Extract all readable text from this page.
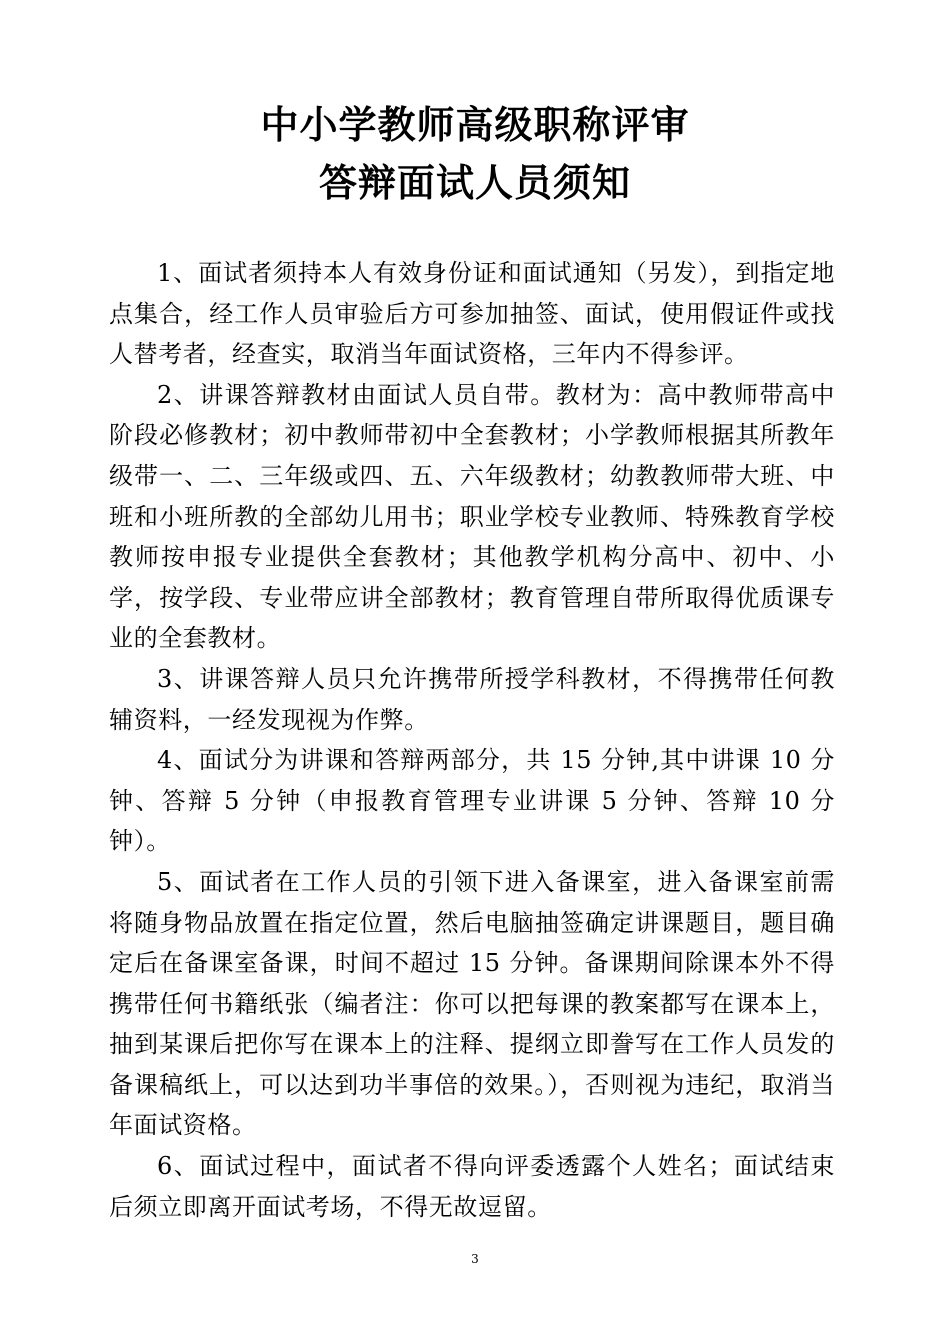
中小学教师高级职称评审
答辩面试人员须知

1、面试者须持本人有效身份证和面试通知（另发），到指定地点集合，经工作人员审验后方可参加抽签、面试，使用假证件或找人替考者，经查实，取消当年面试资格，三年内不得参评。

2、讲课答辩教材由面试人员自带。教材为：高中教师带高中阶段必修教材；初中教师带初中全套教材；小学教师根据其所教年级带一、二、三年级或四、五、六年级教材；幼教教师带大班、中班和小班所教的全部幼儿用书；职业学校专业教师、特殊教育学校教师按申报专业提供全套教材；其他教学机构分高中、初中、小学，按学段、专业带应讲全部教材；教育管理自带所取得优质课专业的全套教材。

3、讲课答辩人员只允许携带所授学科教材，不得携带任何教辅资料，一经发现视为作弊。

4、面试分为讲课和答辩两部分，共 15 分钟,其中讲课 10 分钟、答辩 5 分钟（申报教育管理专业讲课 5 分钟、答辩 10 分钟）。

5、面试者在工作人员的引领下进入备课室，进入备课室前需将随身物品放置在指定位置，然后电脑抽签确定讲课题目，题目确定后在备课室备课，时间不超过 15 分钟。备课期间除课本外不得携带任何书籍纸张（编者注：你可以把每课的教案都写在课本上，抽到某课后把你写在课本上的注释、提纲立即誊写在工作人员发的备课稿纸上，可以达到功半事倍的效果。），否则视为违纪，取消当年面试资格。

6、面试过程中，面试者不得向评委透露个人姓名；面试结束后须立即离开面试考场，不得无故逗留。

3
